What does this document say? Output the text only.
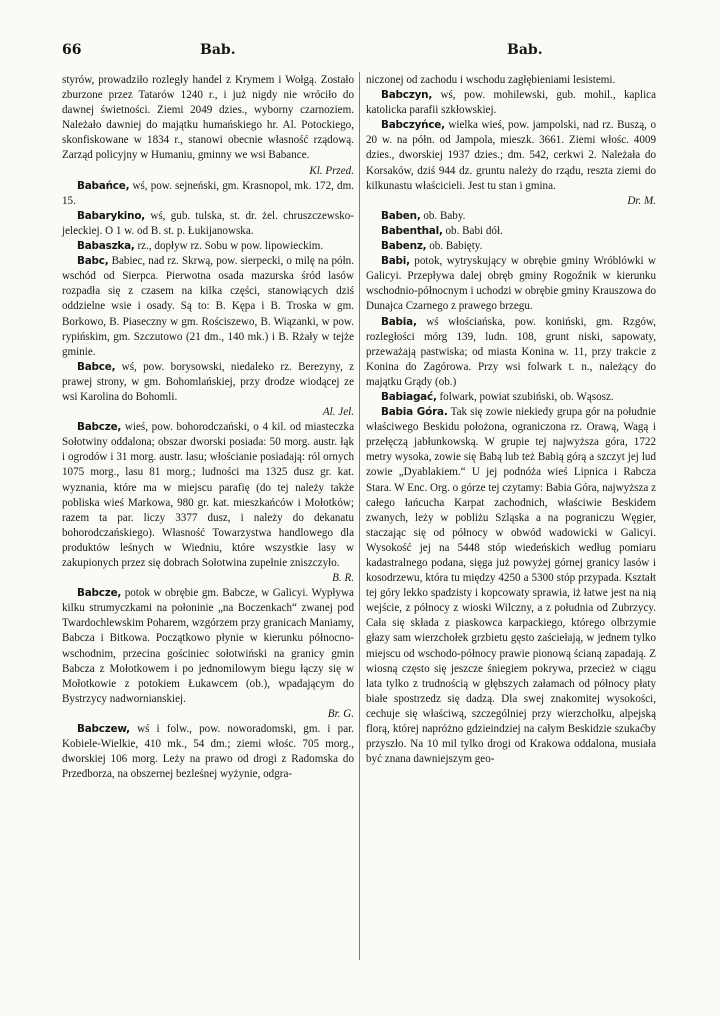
66	Bab.	Bab.

styrów, prowadziło rozległy handel z Krymem i Wołgą. Zostało zburzone przez Tatarów 1240 r., i już nigdy nie wróciło do dawnej świetności. Ziemi 2049 dzies., wyborny czarnoziem. Należało dawniej do majątku humańskiego hr. Al. Potockiego, skonfiskowane w 1834 r., stanowi obecnie własność rządową. Zarząd policyjny w Humaniu, gminny we wsi Babance.

Kl. Przed.

Babańce, wś, pow. sejneński, gm. Krasnopol, mk. 172, dm. 15.

Babarykino, wś, gub. tulska, st. dr. żel. chruszczewsko-jeleckiej. O 1 w. od B. st. p. Łukijanowska.

Babaszka, rz., dopływ rz. Sobu w pow. lipowieckim.

Babc, Babiec, nad rz. Skrwą, pow. sierpecki, o milę na półn. wschód od Sierpca. Pierwotna osada mazurska śród lasów rozpadła się z czasem na kilka części, stanowiących dziś oddzielne wsie i osady. Są to: B. Kępa i B. Troska w gm. Borkowo, B. Piaseczny w gm. Rościszewo, B. Wiązanki, w pow. rypińskim, gm. Szczutowo (21 dm., 140 mk.) i B. Rżały w tejże gminie.

Babce, wś, pow. borysowski, niedaleko rz. Berezyny, z prawej strony, w gm. Bohomlańskiej, przy drodze wiodącej ze wsi Karolina do Bohomli.

Al. Jel.

Babcze, wieś, pow. bohorodczański, o 4 kil. od miasteczka Sołotwiny oddalona; obszar dworski posiada: 50 morg. austr. łąk i ogrodów i 31 morg. austr. lasu; włościanie posiadają: ról ornych 1075 morg., lasu 81 morg.; ludności ma 1325 dusz gr. kat. wyznania, które ma w miejscu parafię (do tej należy także pobliska wieś Markowa, 980 gr. kat. mieszkańców i Mołotków; razem ta par. liczy 3377 dusz, i należy do dekanatu bohorodczańskiego). Własność Towarzystwa handlowego dla produktów leśnych w Wiedniu, które wszystkie lasy w zakupionych przez się dobrach Sołotwina zupełnie zniszczyło.

B. R.

Babcze, potok w obrębie gm. Babcze, w Galicyi. Wypływa kilku strumyczkami na połoninie „na Boczenkach“ zwanej pod Twardochlewskim Poharem, wzgórzem przy granicach Maniamy, Babcza i Bitkowa. Początkowo płynie w kierunku północno-wschodnim, przecina gościniec sołotwiński na granicy gmin Babcza z Mołotkowem i po jednomilowym biegu łączy się w Mołotkowie z potokiem Łukawcem (ob.), wpadającym do Bystrzycy nadwornianskiej.

Br. G.

Babczew, wś i folw., pow. noworadomski, gm. i par. Kobiele-Wielkie, 410 mk., 54 dm.; ziemi włośc. 705 morg., dworskiej 106 morg. Leży na prawo od drogi z Radomska do Przedborza, na obszernej bezleśnej wyżynie, odgra-

niczonej od zachodu i wschodu zagłębieniami lesistemi.

Babczyn, wś, pow. mohilewski, gub. mohil., kaplica katolicka parafii szkłowskiej.

Babczyńce, wielka wieś, pow. jampolski, nad rz. Buszą, o 20 w. na półn. od Jampola, mieszk. 3661. Ziemi włośc. 4009 dzies., dworskiej 1937 dzies.; dm. 542, cerkwi 2. Należała do Korsaków, dziś 944 dz. gruntu należy do rządu, reszta ziemi do kilkunastu właścicieli. Jest tu stan i gmina.

Dr. M.

Baben, ob. Baby.

Babenthal, ob. Babi dół.

Babenz, ob. Babięty.

Babi, potok, wytryskujący w obrębie gminy Wróblówki w Galicyi. Przepływa dalej obręb gminy Rogoźnik w kierunku wschodnio-północnym i uchodzi w obrębie gminy Krauszowa do Dunajca Czarnego z prawego brzegu.

Babia, wś włościańska, pow. koniński, gm. Rzgów, rozległości mórg 139, ludn. 108, grunt niski, sapowaty, przeważają pastwiska; od miasta Konina w. 11, przy trakcie z Konina do Zagórowa. Przy wsi folwark t. n., należący do majątku Grądy (ob.)

Babiagać, folwark, powiat szubiński, ob. Wąsosz.

Babia Góra. Tak się zowie niekiedy grupa gór na południe właściwego Beskidu położona, ograniczona rz. Orawą, Wagą i przełęczą jabłunkowską. W grupie tej najwyższa góra, 1722 metry wysoka, zowie się Babą lub też Babią górą a szczyt jej lud zowie „Dyablakiem.“ U jej podnóża wieś Lipnica i Rabcza Stara. W Enc. Org. o górze tej czytamy: Babia Góra, najwyższa z całego łańcucha Karpat zachodnich, właściwie Beskidem zwanych, leży w pobliżu Szląska a na pograniczu Węgier, staczając się od północy w obwód wadowicki w Galicyi. Wysokość jej na 5448 stóp wiedeńskich według pomiaru kadastralnego podana, sięga już powyżej górnej granicy lasów i kosodrzewu, która tu między 4250 a 5300 stóp przypada. Kształt tej góry lekko spadzisty i kopcowaty sprawia, iż łatwe jest na nią wejście, z północy z wioski Wilczny, a z południa od Zubrzycy. Cała się składa z piaskowca karpackiego, którego olbrzymie głazy sam wierzchołek grzbietu gęsto zaściełają, w jednem tylko miejscu od wschodo-północy prawie pionową ścianą zapadają. Z wiosną często się jeszcze śniegiem pokrywa, przecież w ciągu lata tylko z trudnością w głębszych załamach od północy płaty białe spostrzedz się dadzą. Dla swej znakomitej wysokości, cechuje się właściwą, szczególniej przy wierzchołku, alpejską florą, której napróżno gdzieindziej na całym Beskidzie szukaćby przyszło. Na 10 mil tylko drogi od Krakowa oddalona, musiała być znana dawniejszym geo-
